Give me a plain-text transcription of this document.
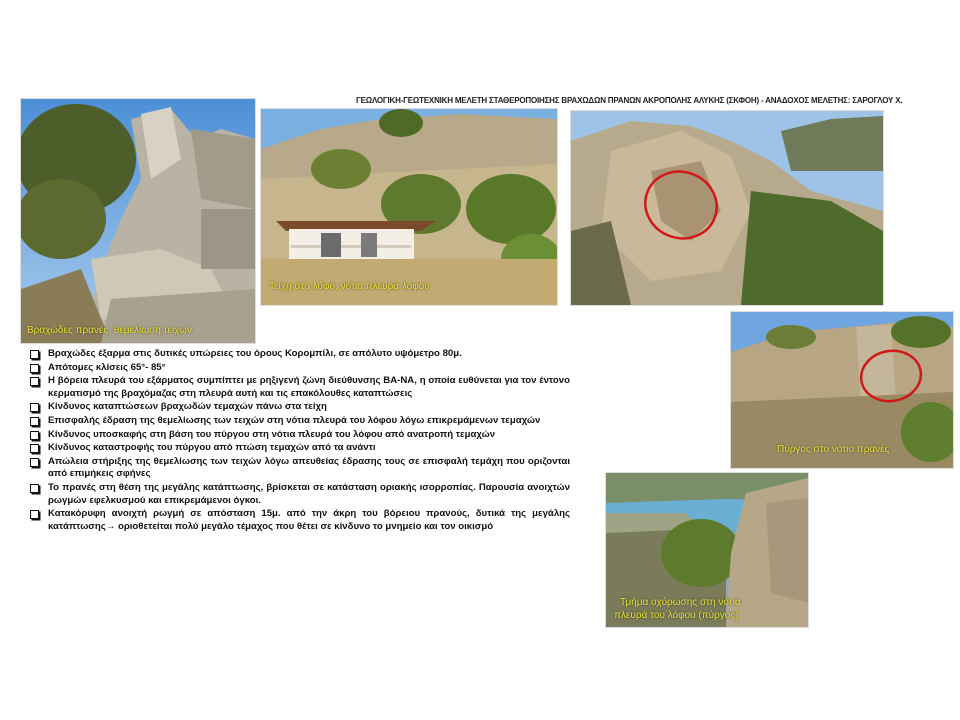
ΓΕΩΛΟΓΙΚΗ-ΓΕΩΤΕΧΝΙΚΗ ΜΕΛΕΤΗ ΣΤΑΘΕΡΟΠΟΙΗΣΗΣ ΒΡΑΧΩΔΩΝ ΠΡΑΝΩΝ ΑΚΡΟΠΟΛΗΣ ΑΛΥΚΗΣ (ΣΚΦΟΗ) - ΑΝΑΔΟΧΟΣ ΜΕΛΕΤΗΣ: ΣΑΡΟΓΛΟΥ Χ.
Βραχώδες πρανές, θεμελίωση τειχών
Τείχη στο λόφο, νότια πλευρά λόφου
Πύργος στο νότιο πρανές
Τμήμα οχύρωσης στη νότια
πλευρά του λόφου (πύργος)
Βραχώδες έξαρμα στις δυτικές υπώρειες του όρους Κορομπίλι, σε απόλυτο υψόμετρο 80μ.
Απότομες κλίσεις 65°- 85°
Η βόρεια πλευρά του εξάρματος συμπίπτει με ρηξιγενή ζώνη διεύθυνσης ΒΑ-ΝΑ, η οποία ευθύνεται για τον έντονο κερματισμό της βραχόμαζας στη πλευρά αυτή και τις επακόλουθες καταπτώσεις
Κίνδυνος καταπτώσεων βραχωδών τεμαχών πάνω στα τείχη
Επισφαλής έδραση της θεμελίωσης των τειχών στη νότια πλευρά του λόφου λόγω επικρεμάμενων τεμαχών
Κίνδυνος υποσκαφής στη βάση του πύργου στη νότια πλευρά του λόφου από ανατροπή τεμαχών
Κίνδυνος καταστροφής του πύργου από πτώση τεμαχών από τα ανάντι
Απώλεια στήριξης της θεμελίωσης των τειχών λόγω απευθείας έδρασης τους σε επισφαλή τεμάχη που οριζονται από επιμήκεις σφήνες
Το πρανές στη θέση της μεγάλης κατάπτωσης, βρίσκεται σε κατάσταση οριακής ισορροπίας. Παρουσία ανοιχτών ρωγμών εφελκυσμού και επικρεμάμενοι όγκοι.
Κατακόρυφη ανοιχτή ρωγμή σε απόσταση 15μ. από την άκρη του βόρειου πρανούς, δυτικά της μεγάλης κατάπτωσης→ οριοθετείται πολύ μεγάλο τέμαχος που θέτει σε κίνδυνο το μνημείο και τον οικισμό
